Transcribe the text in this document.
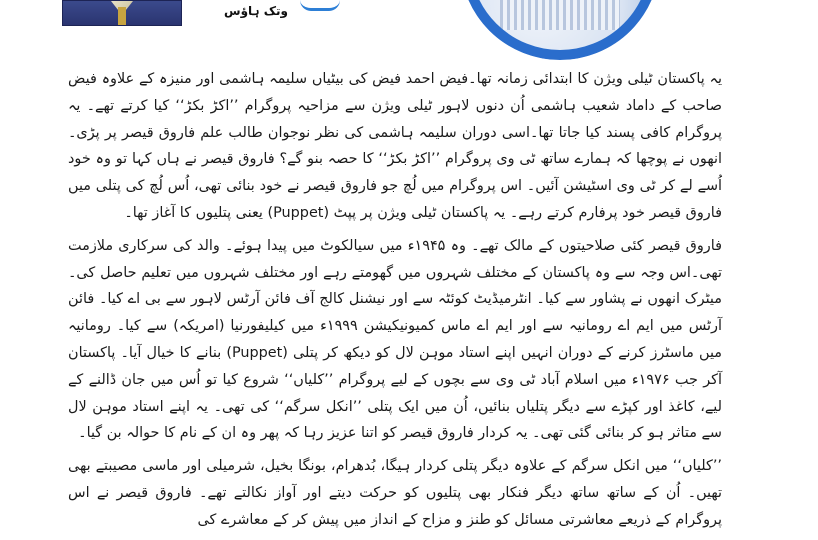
وتک ہاؤس

یہ پاکستان ٹیلی ویژن کا ابتدائی زمانہ تھا۔فیض احمد فیض کی بیٹیاں سلیمہ ہاشمی اور منیزہ کے علاوہ فیض صاحب کے داماد شعیب ہاشمی اُن دنوں لاہور ٹیلی ویژن سے مزاحیہ پروگرام ’’اکڑ بکڑ‘‘ کیا کرتے تھے۔ یہ پروگرام کافی پسند کیا جاتا تھا۔اسی دوران سلیمہ ہاشمی کی نظر نوجوان طالب علم فاروق قیصر پر پڑی۔انھوں نے پوچھا کہ ہمارے ساتھ ٹی وی پروگرام ’’اکڑ بکڑ‘‘ کا حصہ بنو گے؟ فاروق قیصر نے ہاں کہا تو وہ خود اُسے لے کر ٹی وی اسٹیشن آئیں۔ اس پروگرام میں لُچ جو فاروق قیصر نے خود بنائی تھی، اُس لُچ کی پتلی میں فاروق قیصر خود پرفارم کرتے رہے۔ یہ پاکستان ٹیلی ویژن پر پپٹ (Puppet) یعنی پتلیوں کا آغاز تھا۔

فاروق قیصر کئی صلاحیتوں کے مالک تھے۔ وہ ۱۹۴۵ء میں سیالکوٹ میں پیدا ہوئے۔ والد کی سرکاری ملازمت تھی۔اس وجہ سے وہ پاکستان کے مختلف شہروں میں گھومتے رہے اور مختلف شہروں میں تعلیم حاصل کی۔ میٹرک انھوں نے پشاور سے کیا۔ انٹرمیڈیٹ کوئٹہ سے اور نیشنل کالج آف فائن آرٹس لاہور سے بی اے کیا۔ فائن آرٹس میں ایم اے رومانیہ سے اور ایم اے ماس کمیونیکیشن ۱۹۹۹ء میں کیلیفورنیا (امریکہ) سے کیا۔ رومانیہ میں ماسٹرز کرنے کے دوران انہیں اپنے استاد موہن لال کو دیکھ کر پتلی (Puppet) بنانے کا خیال آیا۔ پاکستان آکر جب ۱۹۷۶ء میں اسلام آباد ٹی وی سے بچوں کے لیے پروگرام ’’کلیاں‘‘ شروع کیا تو اُس میں جان ڈالنے کے لیے، کاغذ اور کپڑے سے دیگر پتلیاں بنائیں، اُن میں ایک پتلی ’’انکل سرگم‘‘ کی تھی۔ یہ اپنے استاد موہن لال سے متاثر ہو کر بنائی گئی تھی۔ یہ کردار فاروق قیصر کو اتنا عزیز رہا کہ پھر وہ ان کے نام کا حوالہ بن گیا۔

’’کلیاں‘‘ میں انکل سرگم کے علاوہ دیگر پتلی کردار ہیگا، بُدھرام، بونگا بخیل، شرمیلی اور ماسی مصیبتے بھی تھیں۔ اُن کے ساتھ ساتھ دیگر فنکار بھی پتلیوں کو حرکت دیتے اور آواز نکالتے تھے۔ فاروق قیصر نے اس پروگرام کے ذریعے معاشرتی مسائل کو طنز و مزاح کے انداز میں پیش کر کے معاشرے کی
